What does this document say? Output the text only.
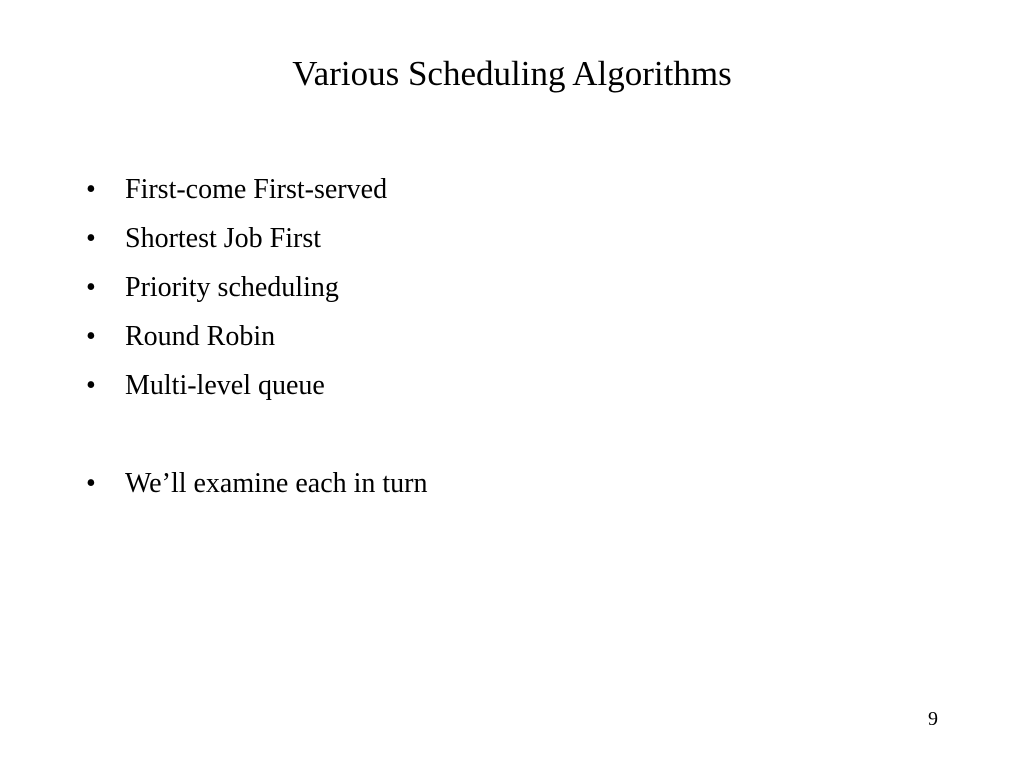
Various Scheduling Algorithms
•	First-come First-served
•	Shortest Job First
•	Priority scheduling
•	Round Robin
•	Multi-level queue
•	We’ll examine each in turn
9
